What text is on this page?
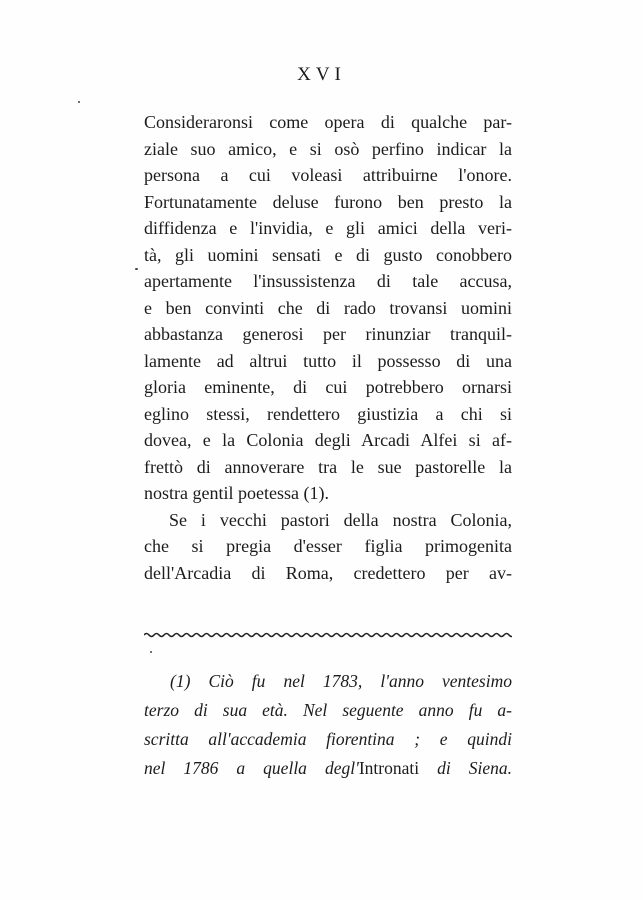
XVI
Consideraronsi come opera di qualche par-
ziale suo amico, e si osò perfino indicar la
persona a cui voleasi attribuirne l'onore.
Fortunatamente deluse furono ben presto la
diffidenza e l'invidia, e gli amici della veri-
tà, gli uomini sensati e di gusto conobbero
apertamente l'insussistenza di tale accusa,
e ben convinti che di rado trovansi uomini
abbastanza generosi per rinunziar tranquil-
lamente ad altrui tutto il possesso di una
gloria eminente, di cui potrebbero ornarsi
eglino stessi, rendettero giustizia a chi si
dovea, e la Colonia degli Arcadi Alfei si af-
frettò di annoverare tra le sue pastorelle la
nostra gentil poetessa (1).
Se i vecchi pastori della nostra Colonia,
che si pregia d'esser figlia primogenita
dell'Arcadia di Roma, credettero per av-
(1) Ciò fu nel 1783, l'anno ventesimo
terzo di sua età. Nel seguente anno fu a-
scritta all'accademia fiorentina ; e quindi
nel 1786 a quella degl'Intronati di Siena.
